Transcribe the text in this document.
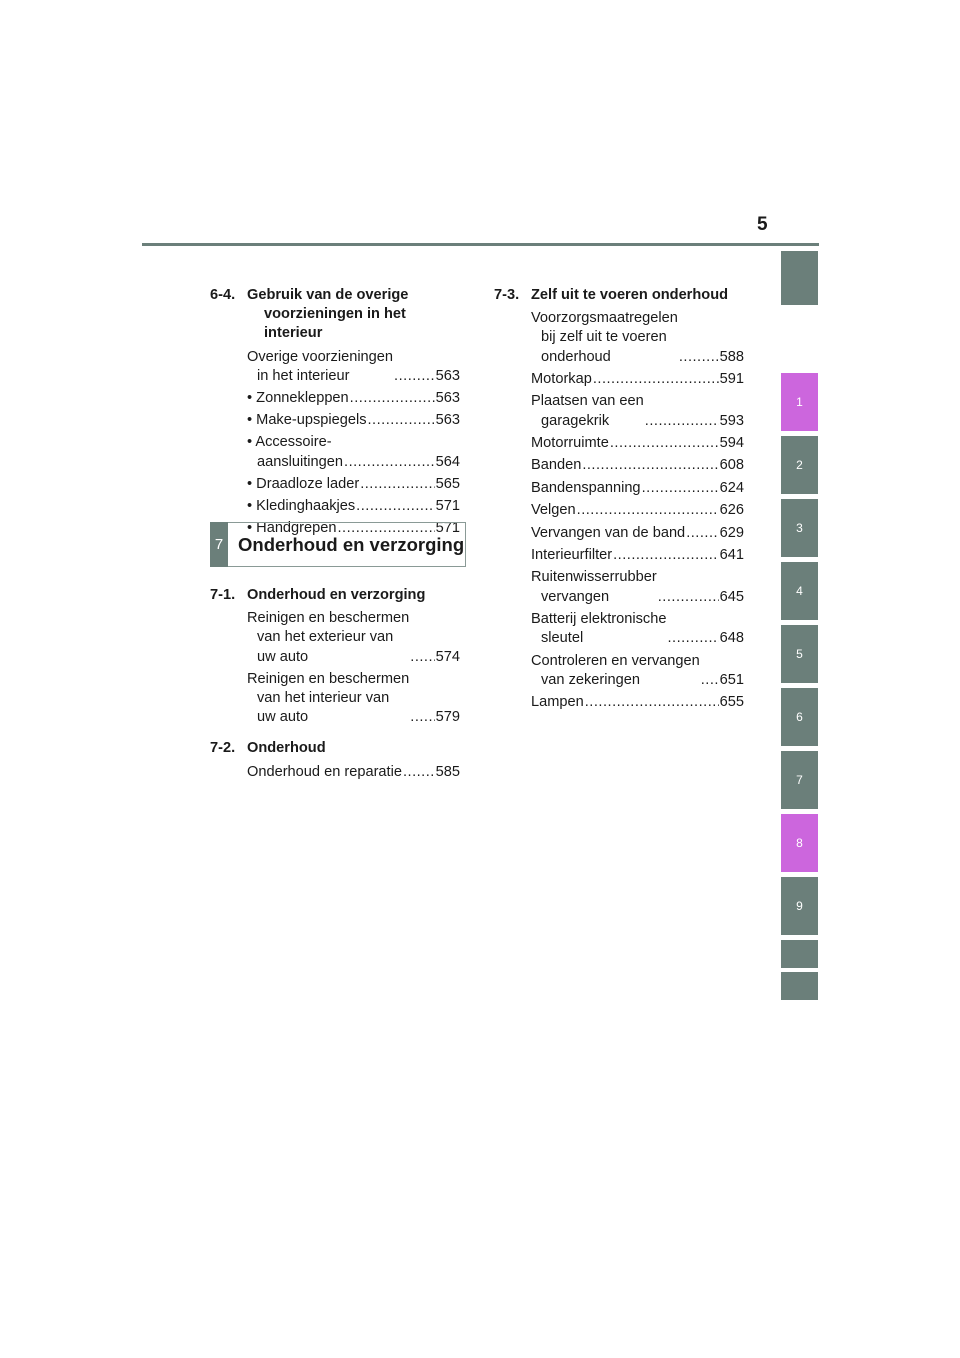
5
6-4. Gebruik van de overige
voorzieningen in het
interieur
Overige voorzieningen
in het interieur .....	563
• Zonnekleppen .....	563
• Make-upspiegels .....	563
• Accessoire-
aansluitingen .....	564
• Draadloze lader .....	565
• Kledinghaakjes .....	571
• Handgrepen .....	571
7 Onderhoud en verzorging
7-1. Onderhoud en verzorging
Reinigen en beschermen
van het exterieur van
uw auto .....	574
Reinigen en beschermen
van het interieur van
uw auto .....	579
7-2. Onderhoud
Onderhoud en reparatie ..... 585
7-3. Zelf uit te voeren onderhoud
Voorzorgsmaatregelen
bij zelf uit te voeren
onderhoud .....	588
Motorkap .....	591
Plaatsen van een
garagekrik .....	593
Motorruimte .....	594
Banden .....	608
Bandenspanning .....	624
Velgen .....	626
Vervangen van de band ..... 629
Interieurfilter .....	641
Ruitenwisserrubber
vervangen .....	645
Batterij elektronische
sleutel .....	648
Controleren en vervangen
van zekeringen .....	651
Lampen .....	655
1
2
3
4
5
6
7
8
9
